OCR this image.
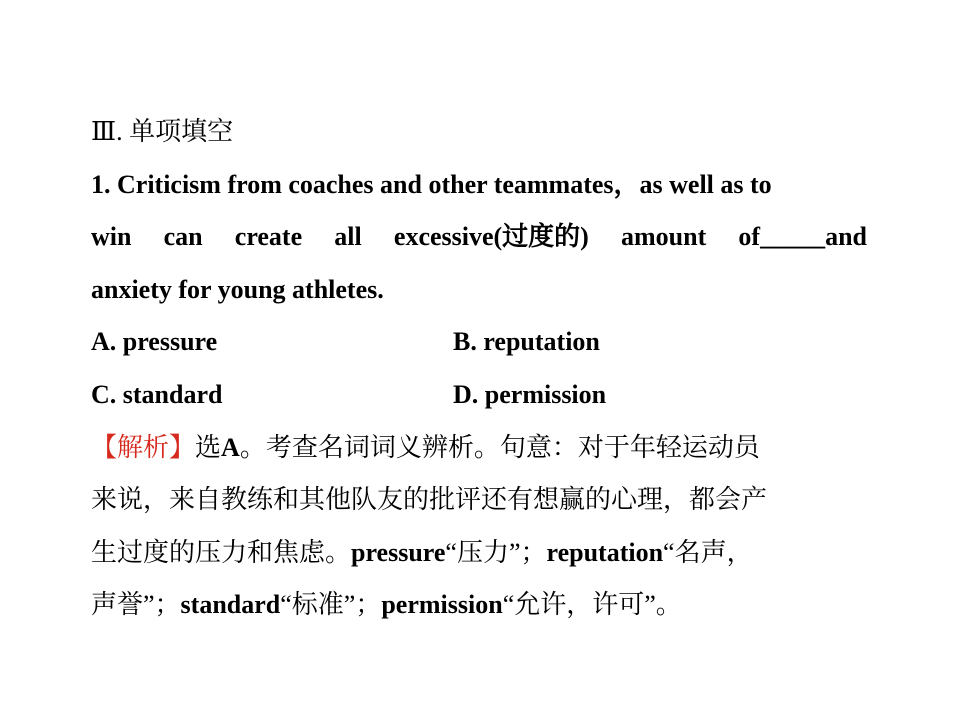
Ⅲ. 单项填空
1. Criticism from coaches and other teammates，as well as to
win can create all excessive(过度的) amount of_____and
anxiety for young athletes.
A. pressure	B. reputation
C. standard	D. permission
【解析】选A。考查名词词义辨析。句意：对于年轻运动员
来说，来自教练和其他队友的批评还有想赢的心理，都会产
生过度的压力和焦虑。pressure“压力”；reputation“名声，
声誉”；standard“标准”；permission“允许，许可”。
